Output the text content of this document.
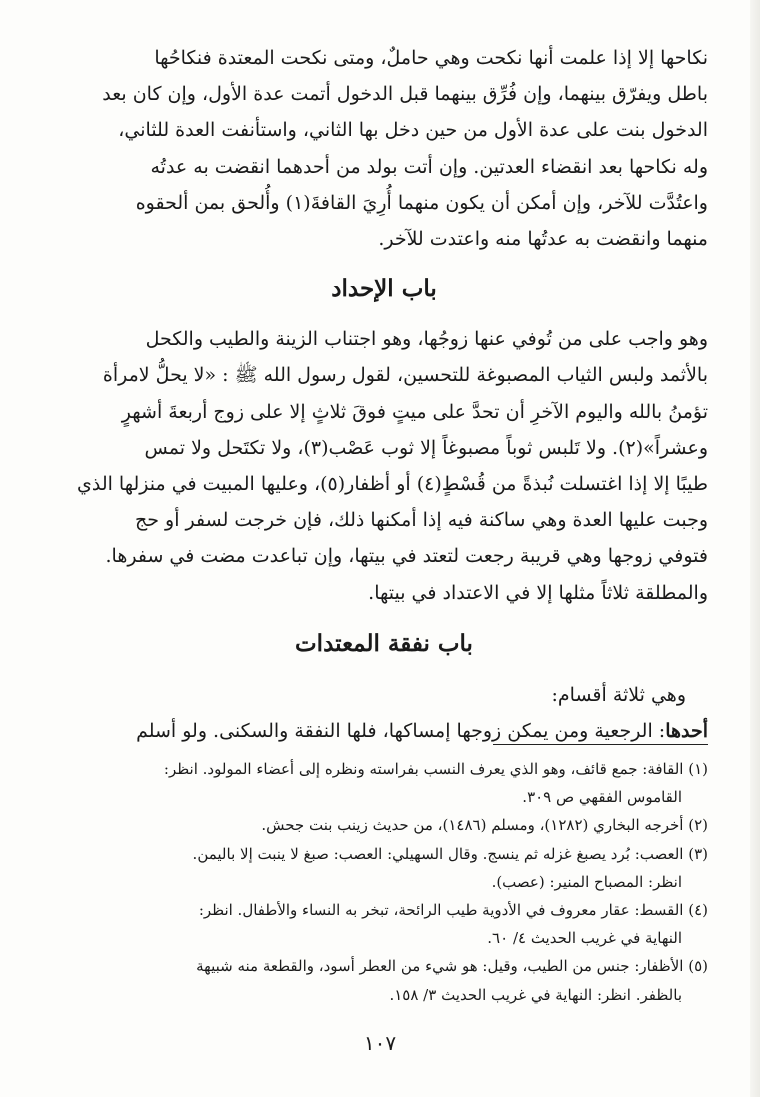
نكاحها إلا إذا علمت أنها نكحت وهي حاملٌ، ومتى نكحت المعتدة فنكاحُها
باطل ويفرّق بينهما، وإن فُرِّق بينهما قبل الدخول أتمت عدة الأول، وإن كان بعد
الدخول بنت على عدة الأول من حين دخل بها الثاني، واستأنفت العدة للثاني،
وله نكاحها بعد انقضاء العدتين. وإن أتت بولد من أحدهما انقضت به عدتُه
واعتُدَّت للآخر، وإن أمكن أن يكون منهما أُرِيَ القافةَ(١) وأُلحق بمن ألحقوه
منهما وانقضت به عدتُها منه واعتدت للآخر.
باب الإحداد
وهو واجب على من تُوفي عنها زوجُها، وهو اجتناب الزينة والطيب والكحل
بالأثمد ولبس الثياب المصبوغة للتحسين، لقول رسول الله ﷺ : «لا يحلُّ لامرأة
تؤمنُ بالله واليوم الآخرِ أن تحدَّ على ميتٍ فوقَ ثلاثٍ إلا على زوج أربعةَ أشهرٍ
وعشراً»(٢). ولا تَلبس ثوباً مصبوغاً إلا ثوب عَصْب(٣)، ولا تكتَحل ولا تمس
طيبًا إلا إذا اغتسلت نُبذةً من قُسْطٍ(٤) أو أظفار(٥)، وعليها المبيت في منزلها الذي
وجبت عليها العدة وهي ساكنة فيه إذا أمكنها ذلك، فإن خرجت لسفر أو حج
فتوفي زوجها وهي قريبة رجعت لتعتد في بيتها، وإن تباعدت مضت في سفرها.
والمطلقة ثلاثاً مثلها إلا في الاعتداد في بيتها.
باب نفقة المعتدات
وهي ثلاثة أقسام:
أحدها: الرجعية ومن يمكن زوجها إمساكها، فلها النفقة والسكنى. ولو أسلم
(١) القافة: جمع قائف، وهو الذي يعرف النسب بفراسته ونظره إلى أعضاء المولود. انظر:
القاموس الفقهي ص ٣٠٩.
(٢) أخرجه البخاري (١٢٨٢)، ومسلم (١٤٨٦)، من حديث زينب بنت جحش.
(٣) العصب: بُرد يصبغ غزله ثم ينسج. وقال السهيلي: العصب: صبغ لا ينبت إلا باليمن.
انظر: المصباح المنير: (عصب).
(٤) القسط: عقار معروف في الأدوية طيب الرائحة، تبخر به النساء والأطفال. انظر:
النهاية في غريب الحديث ٤/ ٦٠.
(٥) الأظفار: جنس من الطيب، وقيل: هو شيء من العطر أسود، والقطعة منه شبيهة
بالظفر. انظر: النهاية في غريب الحديث ٣/ ١٥٨.
١٠٧
